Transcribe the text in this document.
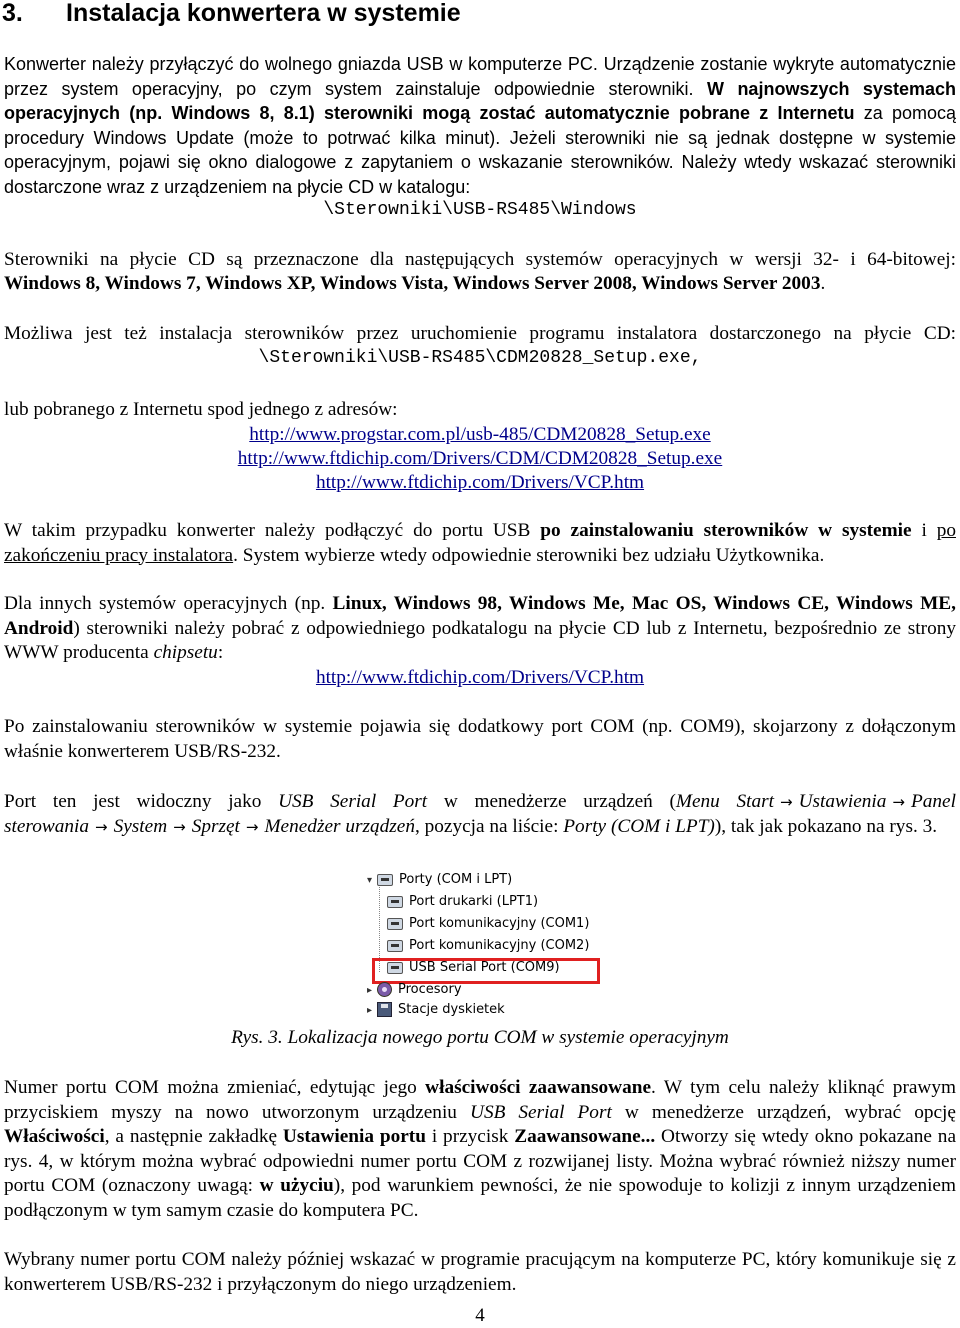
3. Instalacja konwertera w systemie

Konwerter należy przyłączyć do wolnego gniazda USB w komputerze PC. Urządzenie zostanie wykryte automatycznie przez system operacyjny, po czym system zainstaluje odpowiednie sterowniki. W najnowszych systemach operacyjnych (np. Windows 8, 8.1) sterowniki mogą zostać automatycznie pobrane z Internetu za pomocą procedury Windows Update (może to potrwać kilka minut). Jeżeli sterowniki nie są jednak dostępne w systemie operacyjnym, pojawi się okno dialogowe z zapytaniem o wskazanie sterowników. Należy wtedy wskazać sterowniki dostarczone wraz z urządzeniem na płycie CD w katalogu:

\Sterowniki\USB-RS485\Windows
Sterowniki na płycie CD są przeznaczone dla następujących systemów operacyjnych w wersji 32- i 64-bitowej:
Windows 8, Windows 7, Windows XP, Windows Vista, Windows Server 2008, Windows Server 2003.
Możliwa jest też instalacja sterowników przez uruchomienie programu instalatora dostarczonego na płycie CD:
\Sterowniki\USB-RS485\CDM20828_Setup.exe,
lub pobranego z Internetu spod jednego z adresów:
http://www.progstar.com.pl/usb-485/CDM20828_Setup.exe
http://www.ftdichip.com/Drivers/CDM/CDM20828_Setup.exe
http://www.ftdichip.com/Drivers/VCP.htm

W takim przypadku konwerter należy podłączyć do portu USB po zainstalowaniu sterowników w systemie i po zakończeniu pracy instalatora. System wybierze wtedy odpowiednie sterowniki bez udziału Użytkownika.

Dla innych systemów operacyjnych (np. Linux, Windows 98, Windows Me, Mac OS, Windows CE, Windows ME, Android) sterowniki należy pobrać z odpowiedniego podkatalogu na płycie CD lub z Internetu, bezpośrednio ze strony WWW producenta chipsetu:

http://www.ftdichip.com/Drivers/VCP.htm

Po zainstalowaniu sterowników w systemie pojawia się dodatkowy port COM (np. COM9), skojarzony z dołączonym właśnie konwerterem USB/RS-232.

Port ten jest widoczny jako USB Serial Port w menedżerze urządzeń (Menu Start → Ustawienia → Panel sterowania → System → Sprzęt → Menedżer urządzeń, pozycja na liście: Porty (COM i LPT)), tak jak pokazano na rys. 3.

▾ Porty (COM i LPT)
Port drukarki (LPT1)
Port komunikacyjny (COM1)
Port komunikacyjny (COM2)
USB Serial Port (COM9)
▸ Procesory
▸ Stacje dyskietek
Rys. 3. Lokalizacja nowego portu COM w systemie operacyjnym

Numer portu COM można zmieniać, edytując jego właściwości zaawansowane. W tym celu należy kliknąć prawym przyciskiem myszy na nowo utworzonym urządzeniu USB Serial Port w menedżerze urządzeń, wybrać opcję Właściwości, a następnie zakładkę Ustawienia portu i przycisk Zaawansowane... Otworzy się wtedy okno pokazane na rys. 4, w którym można wybrać odpowiedni numer portu COM z rozwijanej listy. Można wybrać również niższy numer portu COM (oznaczony uwagą: w użyciu), pod warunkiem pewności, że nie spowoduje to kolizji z innym urządzeniem podłączonym w tym samym czasie do komputera PC.

Wybrany numer portu COM należy później wskazać w programie pracującym na komputerze PC, który komunikuje się z konwerterem USB/RS-232 i przyłączonym do niego urządzeniem.

4
